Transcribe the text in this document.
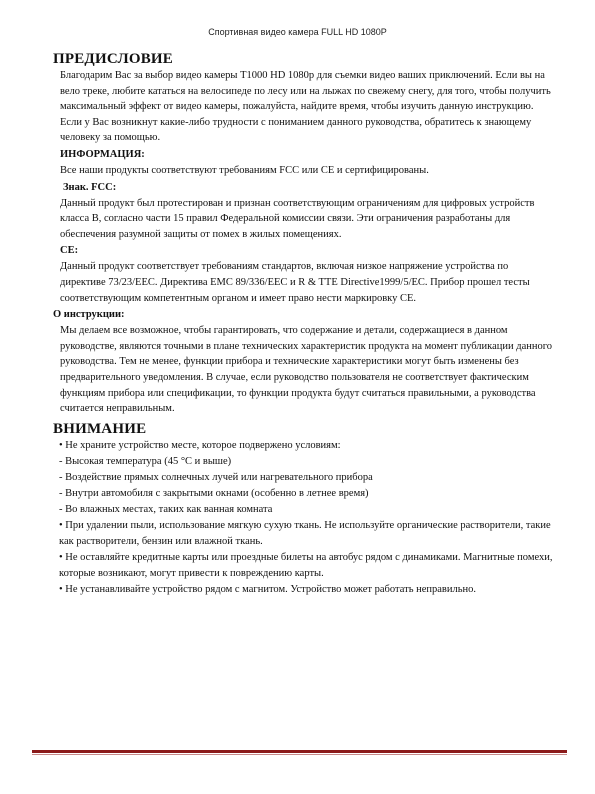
Спортивная видео камера FULL HD 1080P
ПРЕДИСЛОВИЕ

Благодарим Вас за выбор видео камеры T1000 HD 1080p для съемки видео ваших приключений. Если вы на вело треке, любите кататься на велосипеде по лесу или на лыжах по свежему снегу, для того, чтобы получить максимальный эффект от видео камеры, пожалуйста, найдите время, чтобы изучить данную инструкцию. Если у Вас возникнут какие-либо трудности с пониманием данного руководства, обратитесь к знающему человеку за помощью.

ИНФОРМАЦИЯ:

Все наши продукты соответствуют требованиям FCC или CE и сертифицированы.

Знак. FCC:

Данный продукт был протестирован и признан соответствующим ограничениям для цифровых устройств класса B, согласно части 15 правил Федеральной комиссии связи. Эти ограничения разработаны для обеспечения разумной защиты от помех в жилых помещениях.

CE:

Данный продукт соответствует требованиям стандартов, включая низкое напряжение устройства по директиве 73/23/EEC. Директива EMC 89/336/EEC и R & TTE Directive1999/5/EC. Прибор прошел тесты соответствующим компетентным органом и имеет право нести маркировку CE.

О инструкции:

Мы делаем все возможное, чтобы гарантировать, что содержание и детали, содержащиеся в данном руководстве, являются точными в плане технических характеристик продукта на момент публикации данного руководства. Тем не менее, функции прибора и технические характеристики могут быть изменены без предварительного уведомления. В случае, если руководство пользователя не соответствует фактическим функциям прибора или спецификации, то функции продукта будут считаться правильными, а руководства считается неправильным.

ВНИМАНИЕ

• Не храните устройство месте, которое подвержено условиям:

- Высокая температура (45 °C и выше)

- Воздействие прямых солнечных лучей или нагревательного прибора

- Внутри автомобиля с закрытыми окнами (особенно в летнее время)

- Во влажных местах, таких как ванная комната

• При удалении пыли, использование мягкую сухую ткань. Не используйте органические растворители, такие как растворители, бензин или влажной ткань.

• Не оставляйте кредитные карты или проездные билеты на автобус рядом с динамиками. Магнитные помехи, которые возникают, могут привести к повреждению карты.

• Не устанавливайте устройство рядом с магнитом. Устройство может работать неправильно.
